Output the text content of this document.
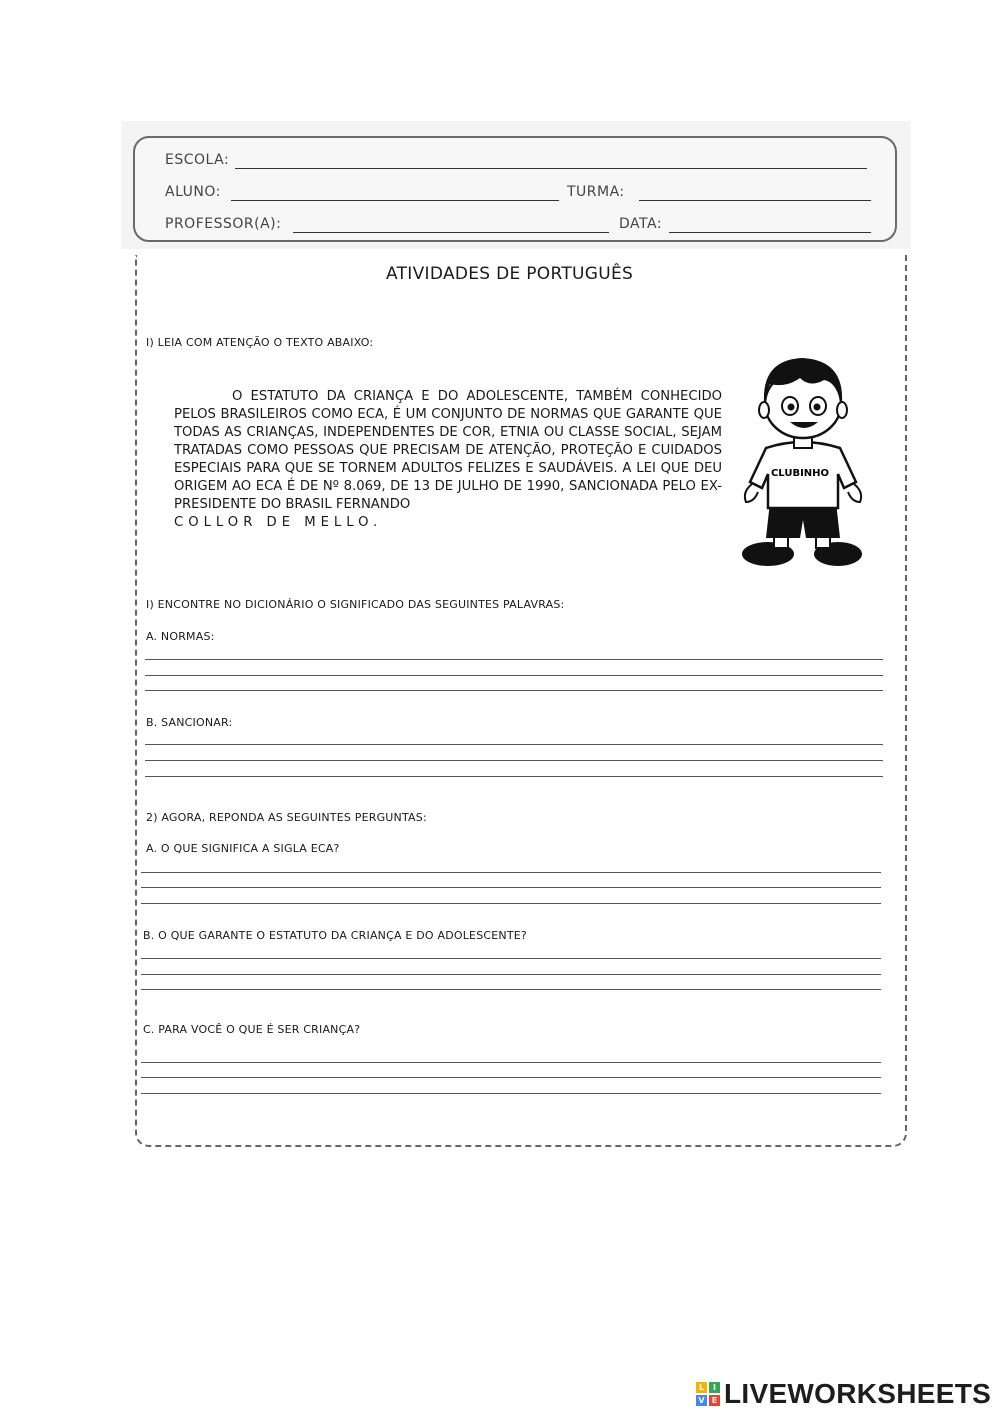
ESCOLA:
ALUNO:	TURMA:
PROFESSOR(A):	DATA:
ATIVIDADES DE PORTUGUÊS
I) LEIA COM ATENÇÃO O TEXTO ABAIXO:

O ESTATUTO DA CRIANÇA E DO ADOLESCENTE, TAMBÉM CONHECIDO PELOS BRASILEIROS COMO ECA, É UM CONJUNTO DE NORMAS QUE GARANTE QUE TODAS AS CRIANÇAS, INDEPENDENTES DE COR, ETNIA OU CLASSE SOCIAL, SEJAM TRATADAS COMO PESSOAS QUE PRECISAM DE ATENÇÃO, PROTEÇÃO E CUIDADOS ESPECIAIS PARA QUE SE TORNEM ADULTOS FELIZES E SAUDÁVEIS. A LEI QUE DEU ORIGEM AO ECA É DE Nº 8.069, DE 13 DE JULHO DE 1990, SANCIONADA PELO EX-PRESIDENTE DO BRASIL FERNANDO

COLLOR DE MELLO.

CLUBINHO
I) ENCONTRE NO DICIONÁRIO O SIGNIFICADO DAS SEGUINTES PALAVRAS:
A. NORMAS:
B. SANCIONAR:
2) AGORA, REPONDA AS SEGUINTES PERGUNTAS:
A. O QUE SIGNIFICA A SIGLA ECA?
B. O QUE GARANTE O ESTATUTO DA CRIANÇA E DO ADOLESCENTE?
C. PARA VOCÊ O QUE É SER CRIANÇA?
L	I
V E LIVEWORKSHEETS
